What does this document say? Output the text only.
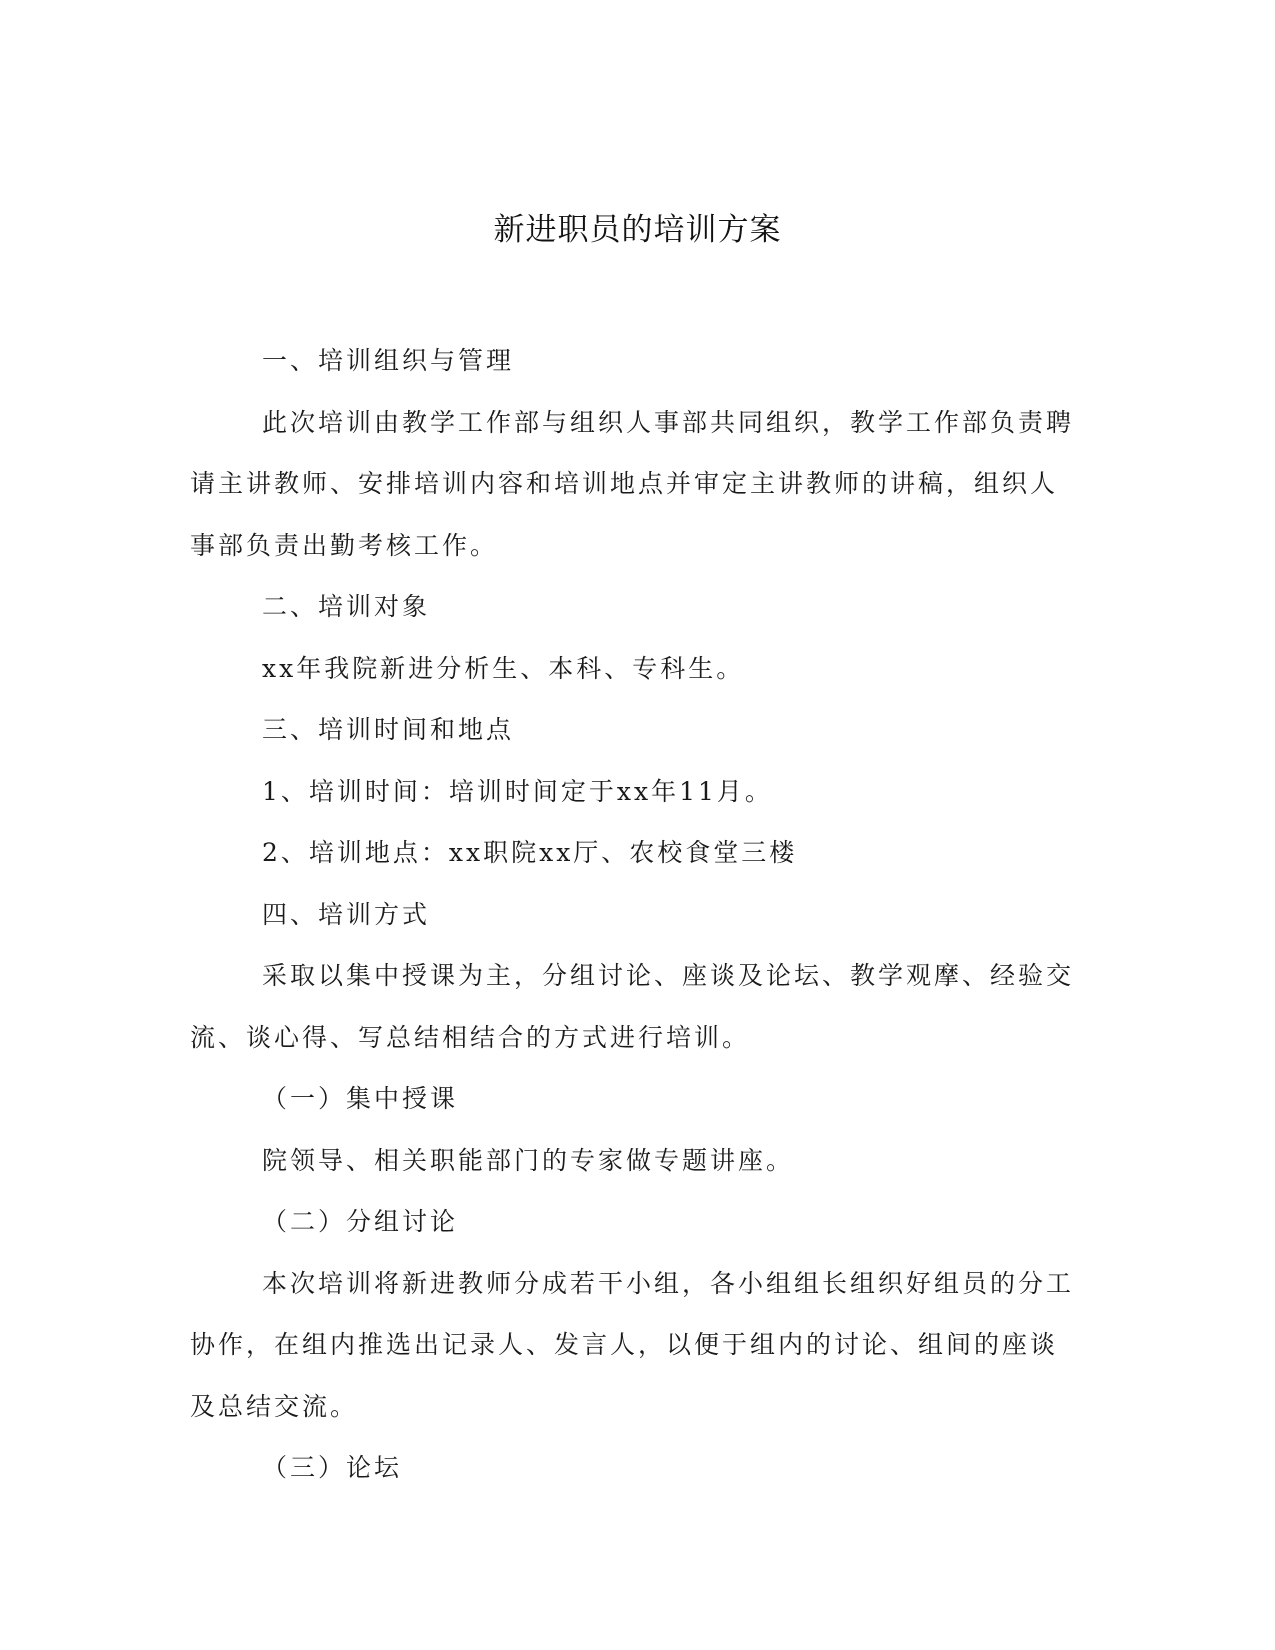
新进职员的培训方案

一、培训组织与管理

此次培训由教学工作部与组织人事部共同组织，教学工作部负责聘请主讲教师、安排培训内容和培训地点并审定主讲教师的讲稿，组织人事部负责出勤考核工作。

二、培训对象

xx年我院新进分析生、本科、专科生。

三、培训时间和地点

1、培训时间：培训时间定于xx年11月。

2、培训地点：xx职院xx厅、农校食堂三楼

四、培训方式

采取以集中授课为主，分组讨论、座谈及论坛、教学观摩、经验交流、谈心得、写总结相结合的方式进行培训。

（一）集中授课

院领导、相关职能部门的专家做专题讲座。

（二）分组讨论

本次培训将新进教师分成若干小组，各小组组长组织好组员的分工协作，在组内推选出记录人、发言人，以便于组内的讨论、组间的座谈及总结交流。

（三）论坛
